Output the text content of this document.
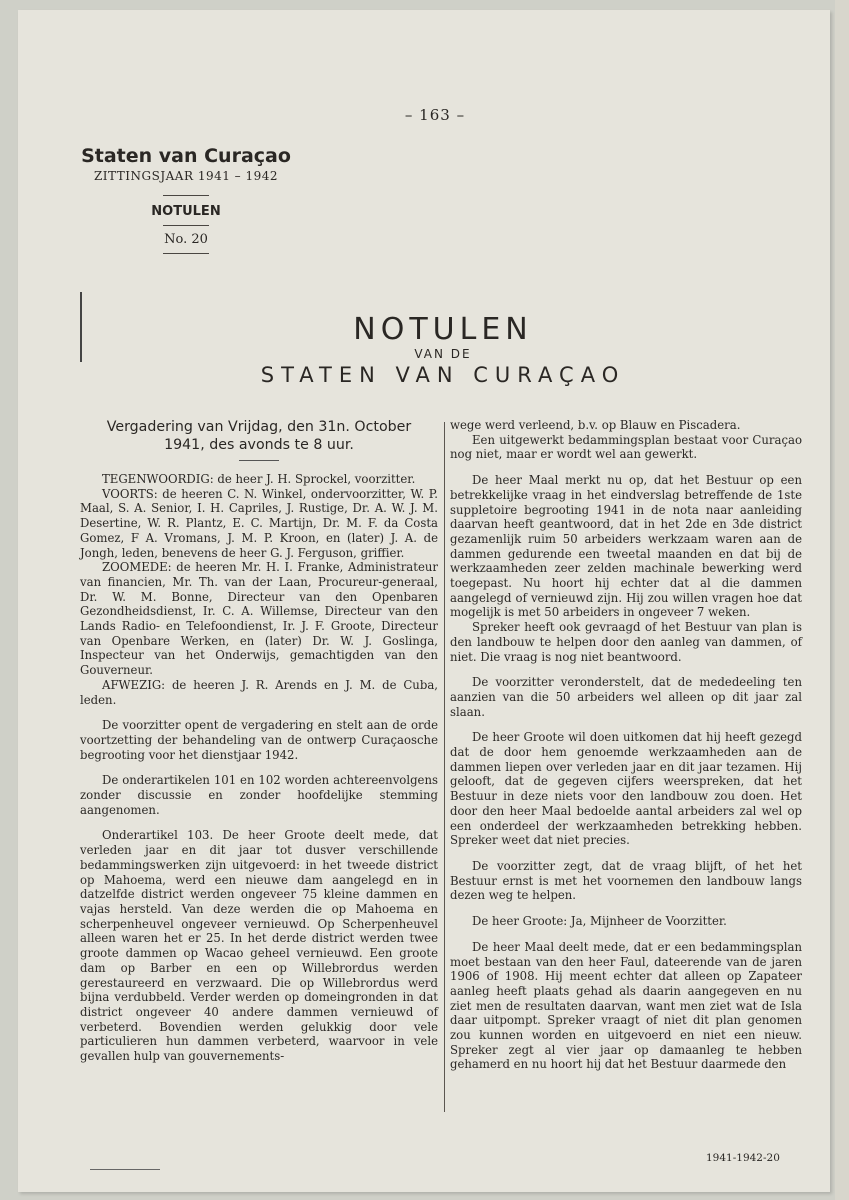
– 163 –
Staten van Curaçao
ZITTINGSJAAR 1941 – 1942
NOTULEN
No. 20
NOTULEN
VAN DE
STATEN VAN CURAÇAO
Vergadering van Vrijdag, den 31n. October
1941, des avonds te 8 uur.

TEGENWOORDIG: de heer J. H. Sprockel, voorzitter.

VOORTS: de heeren C. N. Winkel, ondervoorzitter, W. P. Maal, S. A. Senior, I. H. Capriles, J. Rustige, Dr. A. W. J. M. Desertine, W. R. Plantz, E. C. Martijn, Dr. M. F. da Costa Gomez, F A. Vromans, J. M. P. Kroon, en (later) J. A. de Jongh, leden, benevens de heer G. J. Ferguson, griffier.

ZOOMEDE: de heeren Mr. H. I. Franke, Administrateur van financien, Mr. Th. van der Laan, Procureur-generaal, Dr. W. M. Bonne, Directeur van den Openbaren Gezondheidsdienst, Ir. C. A. Willemse, Directeur van den Lands Radio- en Telefoondienst, Ir. J. F. Groote, Directeur van Openbare Werken, en (later) Dr. W. J. Goslinga, Inspecteur van het Onderwijs, gemachtigden van den Gouverneur.

AFWEZIG: de heeren J. R. Arends en J. M. de Cuba, leden.

De voorzitter opent de vergadering en stelt aan de orde voortzetting der behandeling van de ontwerp Curaçaosche begrooting voor het dienstjaar 1942.

De onderartikelen 101 en 102 worden achtereenvolgens zonder discussie en zonder hoofdelijke stemming aangenomen.

Onderartikel 103. De heer Groote deelt mede, dat verleden jaar en dit jaar tot dusver verschillende bedammingswerken zijn uitgevoerd: in het tweede district op Mahoema, werd een nieuwe dam aangelegd en in datzelfde district werden ongeveer 75 kleine dammen en vajas hersteld. Van deze werden die op Mahoema en scherpenheuvel ongeveer vernieuwd. Op Scherpenheuvel alleen waren het er 25. In het derde district werden twee groote dammen op Wacao geheel vernieuwd. Een groote dam op Barber en een op Willebrordus werden gerestaureerd en verzwaard. Die op Willebrordus werd bijna verdubbeld. Verder werden op domeingronden in dat district ongeveer 40 andere dammen vernieuwd of verbeterd. Bovendien werden gelukkig door vele particulieren hun dammen verbeterd, waarvoor in vele gevallen hulp van gouvernements-

wege werd verleend, b.v. op Blauw en Piscadera.

Een uitgewerkt bedammingsplan bestaat voor Curaçao nog niet, maar er wordt wel aan gewerkt.

De heer Maal merkt nu op, dat het Bestuur op een betrekkelijke vraag in het eindverslag betreffende de 1ste suppletoire begrooting 1941 in de nota naar aanleiding daarvan heeft geantwoord, dat in het 2de en 3de district gezamenlijk ruim 50 arbeiders werkzaam waren aan de dammen gedurende een tweetal maanden en dat bij de werkzaamheden zeer zelden machinale bewerking werd toegepast. Nu hoort hij echter dat al die dammen aangelegd of vernieuwd zijn. Hij zou willen vragen hoe dat mogelijk is met 50 arbeiders in ongeveer 7 weken.

Spreker heeft ook gevraagd of het Bestuur van plan is den landbouw te helpen door den aanleg van dammen, of niet. Die vraag is nog niet beantwoord.

De voorzitter veronderstelt, dat de mededeeling ten aanzien van die 50 arbeiders wel alleen op dit jaar zal slaan.

De heer Groote wil doen uitkomen dat hij heeft gezegd dat de door hem genoemde werkzaamheden aan de dammen liepen over verleden jaar en dit jaar tezamen. Hij gelooft, dat de gegeven cijfers weerspreken, dat het Bestuur in deze niets voor den landbouw zou doen. Het door den heer Maal bedoelde aantal arbeiders zal wel op een onderdeel der werkzaamheden betrekking hebben. Spreker weet dat niet precies.

De voorzitter zegt, dat de vraag blijft, of het het Bestuur ernst is met het voornemen den landbouw langs dezen weg te helpen.

De heer Groote: Ja, Mijnheer de Voorzitter.

De heer Maal deelt mede, dat er een bedammingsplan moet bestaan van den heer Faul, dateerende van de jaren 1906 of 1908. Hij meent echter dat alleen op Zapateer aanleg heeft plaats gehad als daarin aangegeven en nu ziet men de resultaten daarvan, want men ziet wat de Isla daar uitpompt. Spreker vraagt of niet dit plan genomen zou kunnen worden en uitgevoerd en niet een nieuw. Spreker zegt al vier jaar op damaanleg te hebben gehamerd en nu hoort hij dat het Bestuur daarmede den

1941-1942-20
